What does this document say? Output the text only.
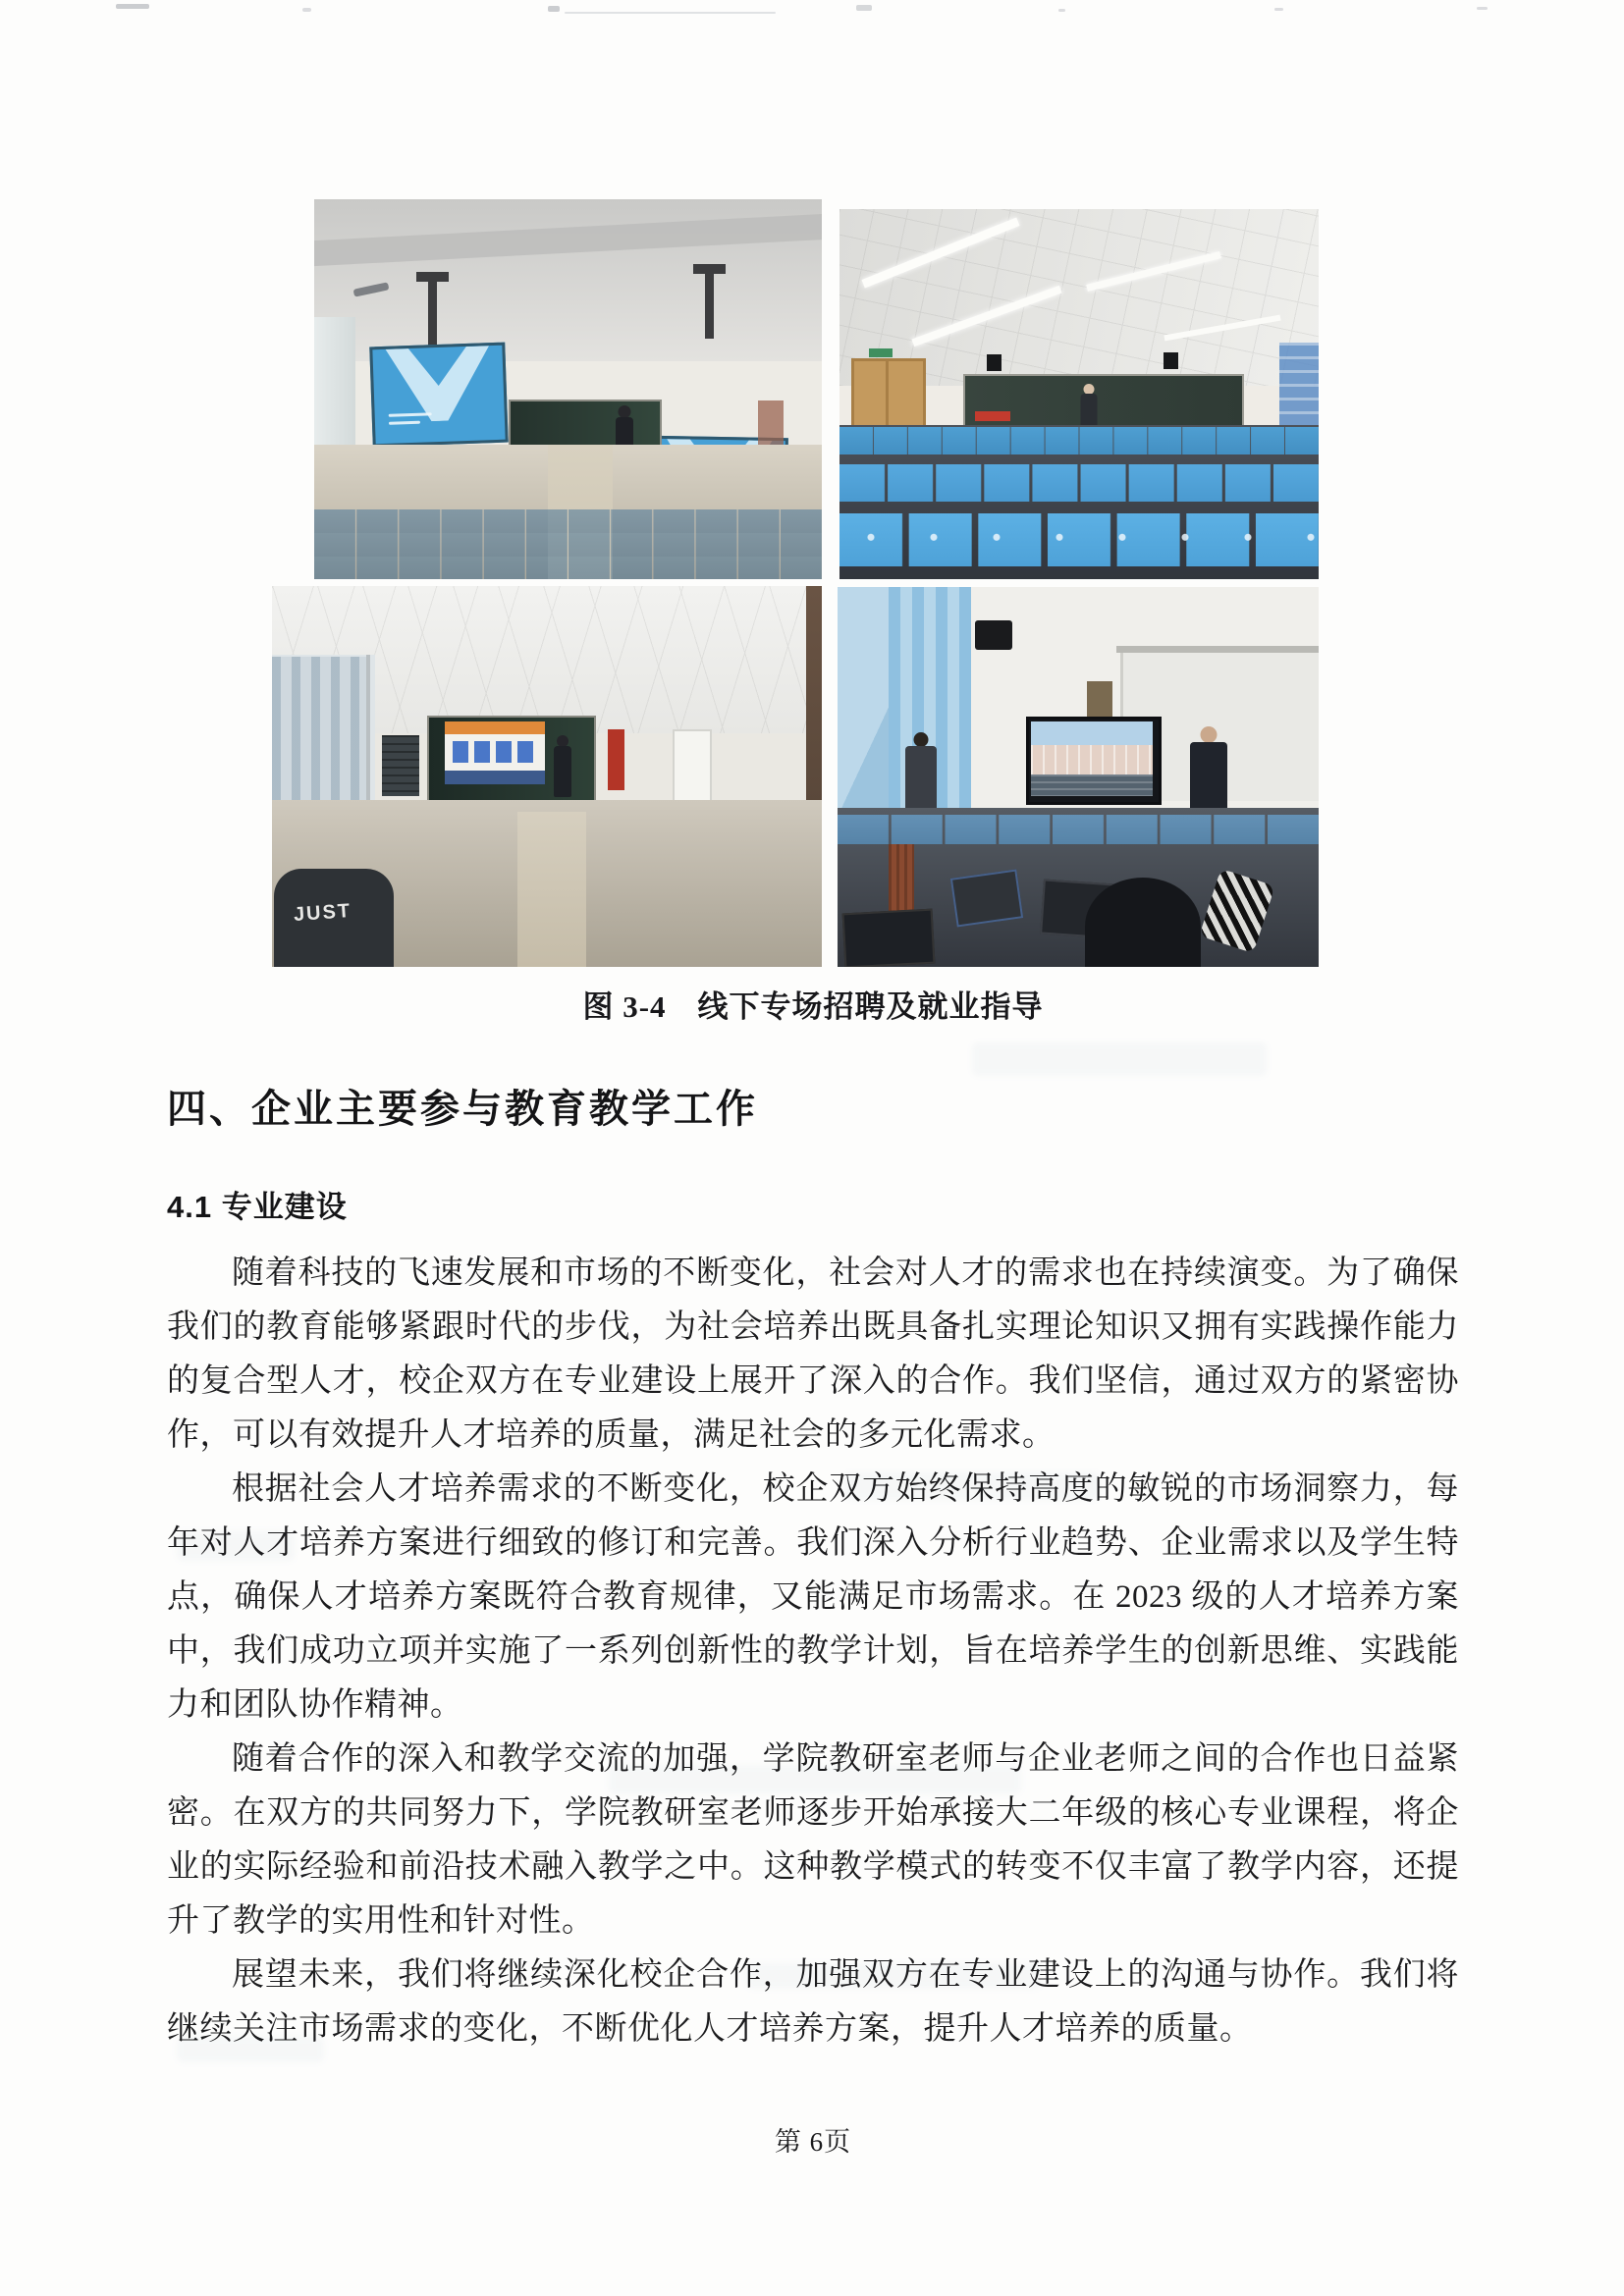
JUST
图 3-4　线下专场招聘及就业指导
四、企业主要参与教育教学工作
4.1 专业建设

随着科技的飞速发展和市场的不断变化，社会对人才的需求也在持续演变。为了确保我们的教育能够紧跟时代的步伐，为社会培养出既具备扎实理论知识又拥有实践操作能力的复合型人才，校企双方在专业建设上展开了深入的合作。我们坚信，通过双方的紧密协作，可以有效提升人才培养的质量，满足社会的多元化需求。

根据社会人才培养需求的不断变化，校企双方始终保持高度的敏锐的市场洞察力，每年对人才培养方案进行细致的修订和完善。我们深入分析行业趋势、企业需求以及学生特点，确保人才培养方案既符合教育规律，又能满足市场需求。在 2023 级的人才培养方案中，我们成功立项并实施了一系列创新性的教学计划，旨在培养学生的创新思维、实践能力和团队协作精神。

随着合作的深入和教学交流的加强，学院教研室老师与企业老师之间的合作也日益紧密。在双方的共同努力下，学院教研室老师逐步开始承接大二年级的核心专业课程，将企业的实际经验和前沿技术融入教学之中。这种教学模式的转变不仅丰富了教学内容，还提升了教学的实用性和针对性。

展望未来，我们将继续深化校企合作，加强双方在专业建设上的沟通与协作。我们将继续关注市场需求的变化，不断优化人才培养方案，提升人才培养的质量。

第 6页
